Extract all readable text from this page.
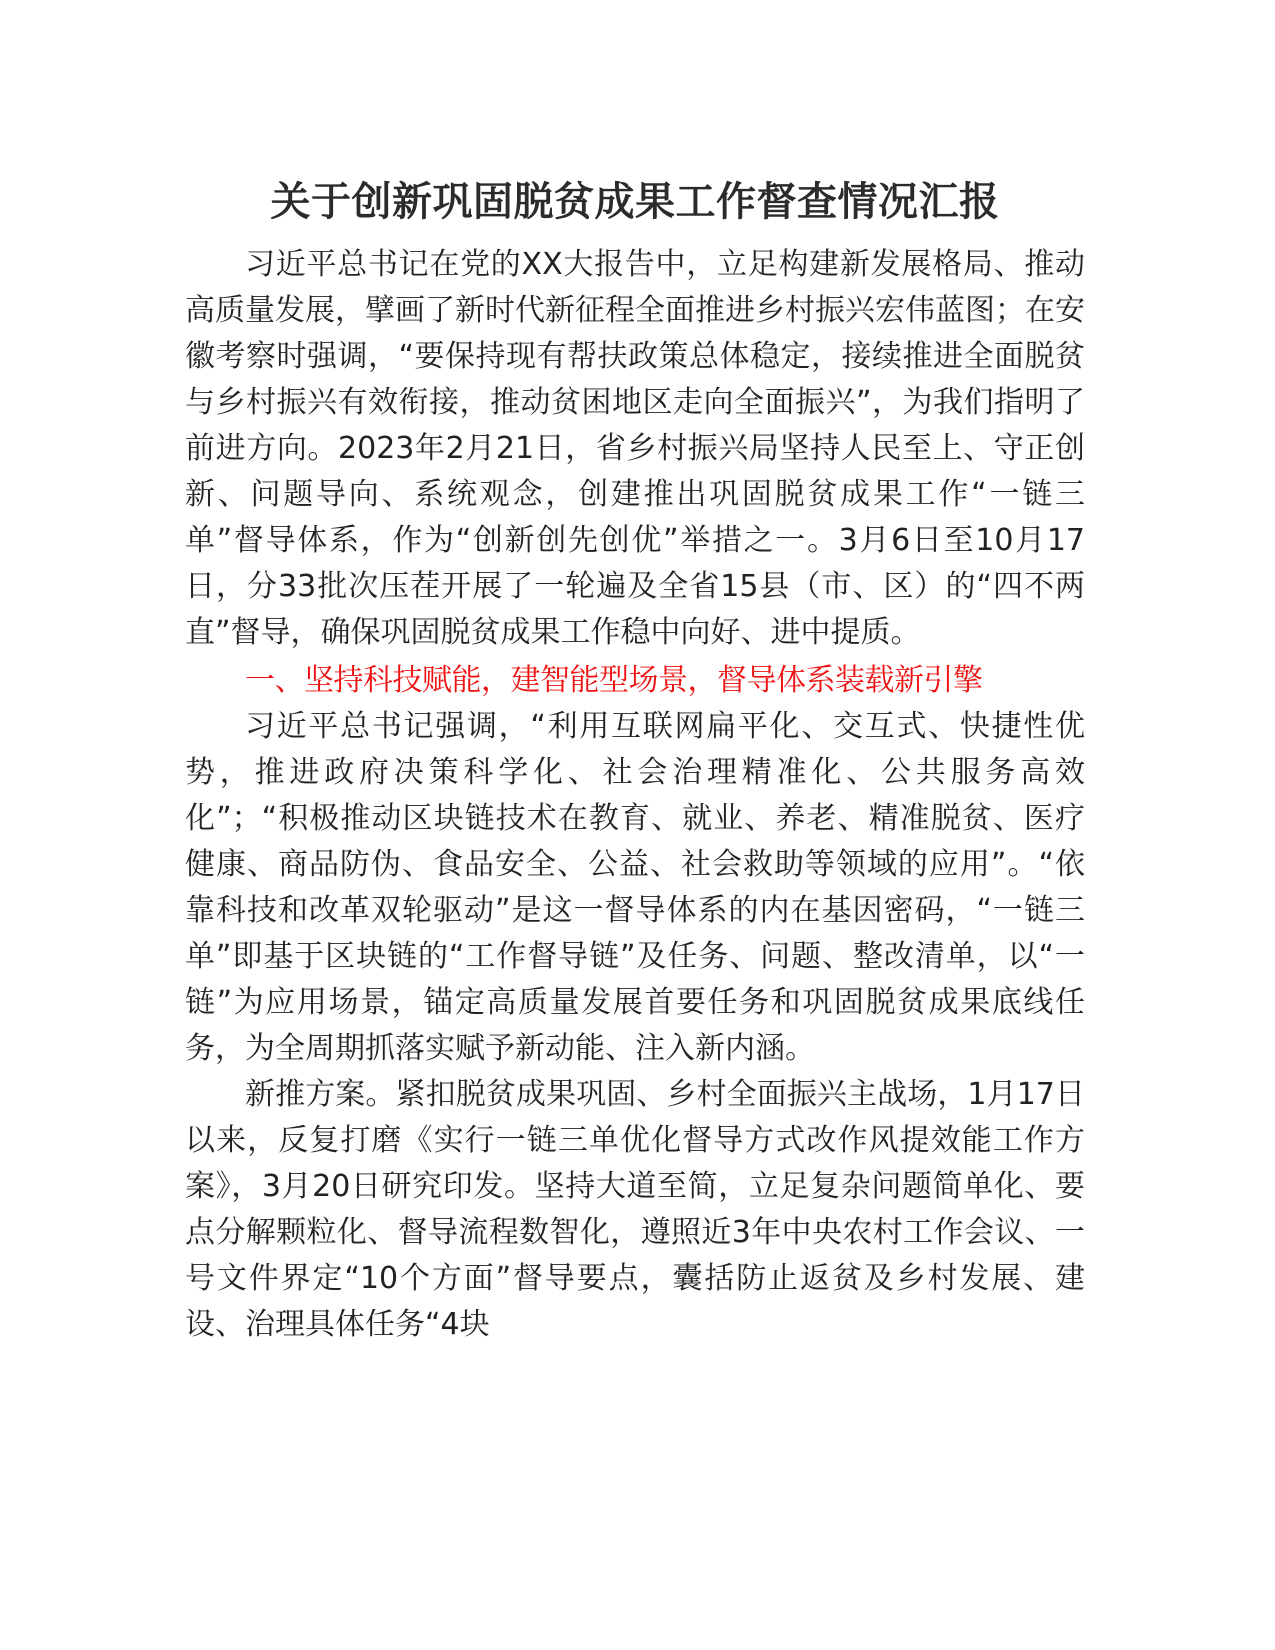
关于创新巩固脱贫成果工作督查情况汇报

习近平总书记在党的XX大报告中，立足构建新发展格局、推动高质量发展，擘画了新时代新征程全面推进乡村振兴宏伟蓝图；在安徽考察时强调，“要保持现有帮扶政策总体稳定，接续推进全面脱贫与乡村振兴有效衔接，推动贫困地区走向全面振兴”，为我们指明了前进方向。2023年2月21日，省乡村振兴局坚持人民至上、守正创新、问题导向、系统观念，创建推出巩固脱贫成果工作“一链三单”督导体系，作为“创新创先创优”举措之一。3月6日至10月17日，分33批次压茬开展了一轮遍及全省15县（市、区）的“四不两直”督导，确保巩固脱贫成果工作稳中向好、进中提质。

一、坚持科技赋能，建智能型场景，督导体系装载新引擎

习近平总书记强调，“利用互联网扁平化、交互式、快捷性优势，推进政府决策科学化、社会治理精准化、公共服务高效化”；“积极推动区块链技术在教育、就业、养老、精准脱贫、医疗健康、商品防伪、食品安全、公益、社会救助等领域的应用”。“依靠科技和改革双轮驱动”是这一督导体系的内在基因密码，“一链三单”即基于区块链的“工作督导链”及任务、问题、整改清单，以“一链”为应用场景，锚定高质量发展首要任务和巩固脱贫成果底线任务，为全周期抓落实赋予新动能、注入新内涵。

新推方案。紧扣脱贫成果巩固、乡村全面振兴主战场，1月17日以来，反复打磨《实行一链三单优化督导方式改作风提效能工作方案》，3月20日研究印发。坚持大道至简，立足复杂问题简单化、要点分解颗粒化、督导流程数智化，遵照近3年中央农村工作会议、一号文件界定“10个方面”督导要点，囊括防止返贫及乡村发展、建设、治理具体任务“4块
